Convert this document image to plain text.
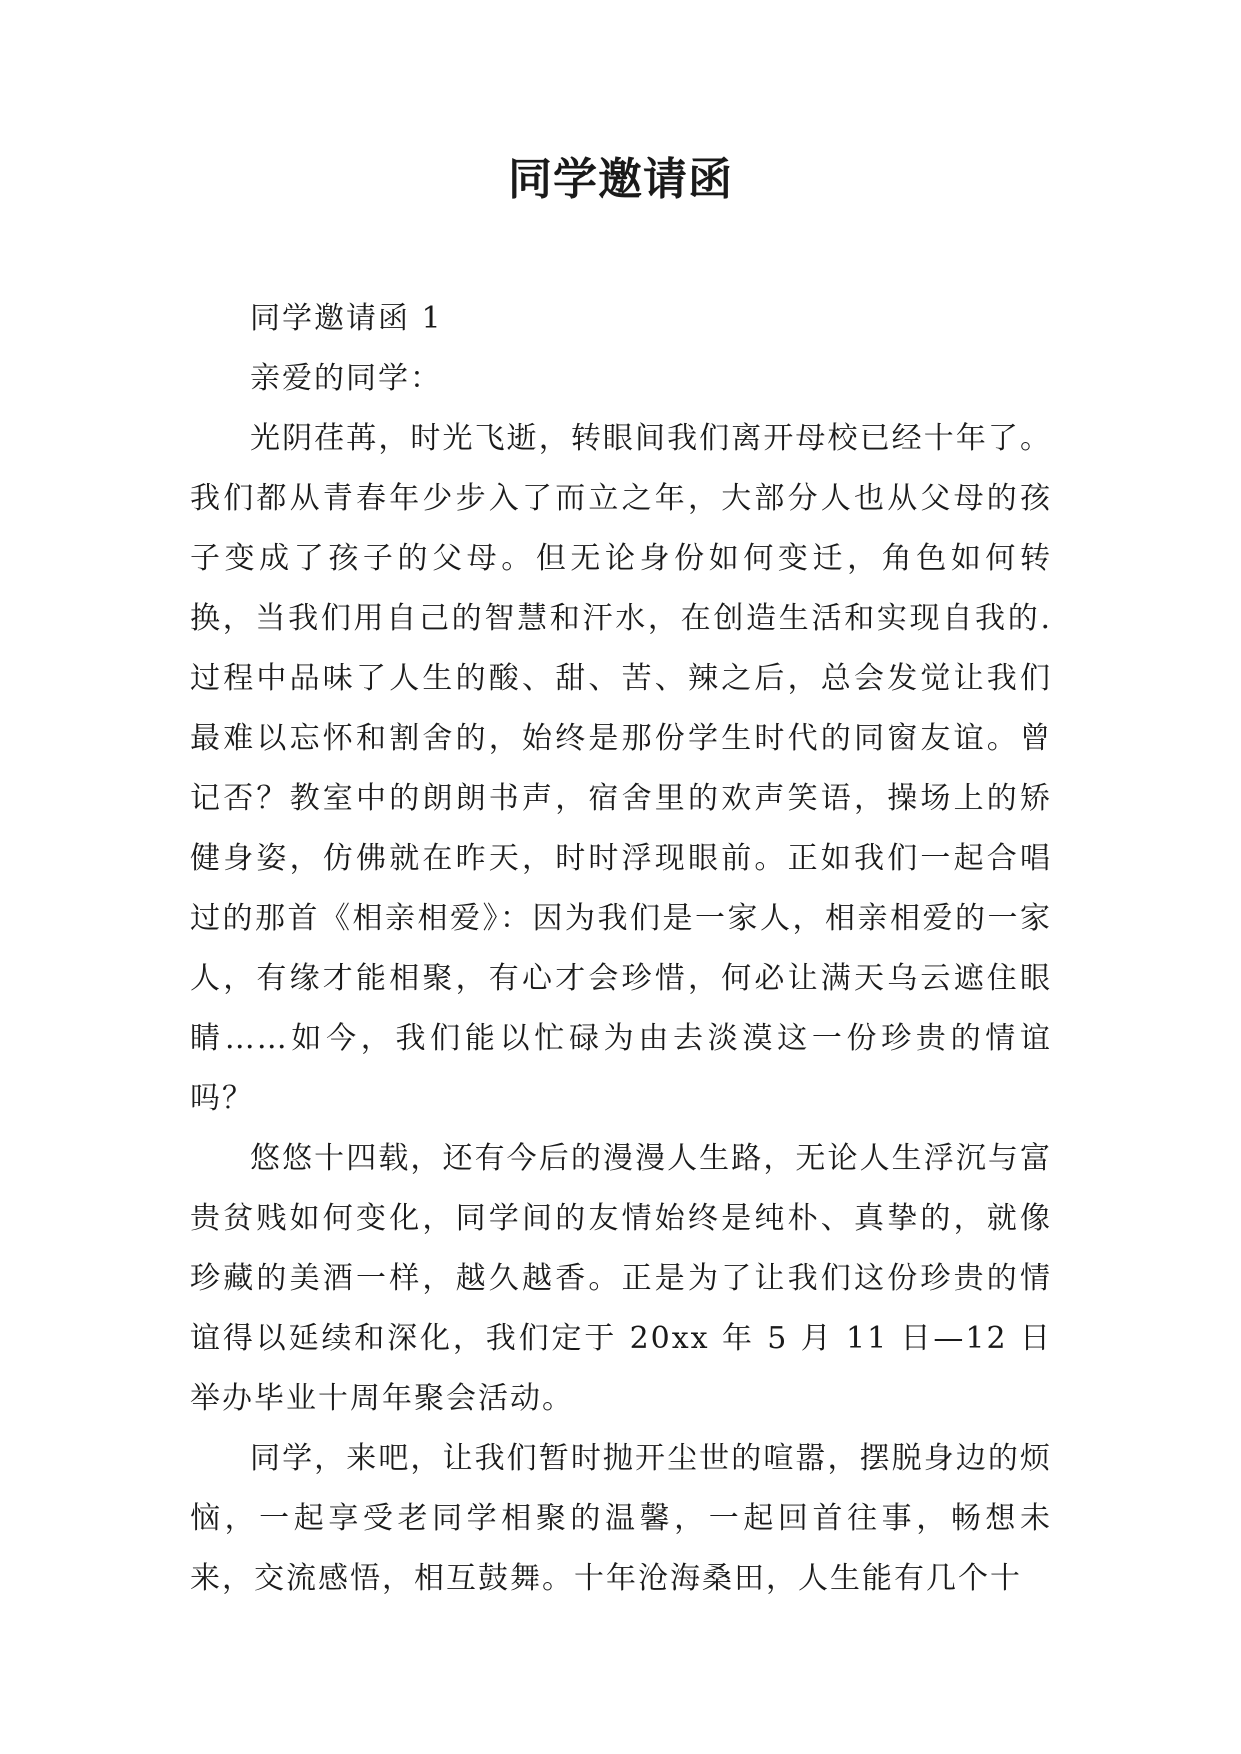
同学邀请函

同学邀请函 1

亲爱的同学：

光阴荏苒，时光飞逝，转眼间我们离开母校已经十年了。我们都从青春年少步入了而立之年，大部分人也从父母的孩子变成了孩子的父母。但无论身份如何变迁，角色如何转换，当我们用自己的智慧和汗水，在创造生活和实现自我的.过程中品味了人生的酸、甜、苦、辣之后，总会发觉让我们最难以忘怀和割舍的，始终是那份学生时代的同窗友谊。曾记否？教室中的朗朗书声，宿舍里的欢声笑语，操场上的矫健身姿，仿佛就在昨天，时时浮现眼前。正如我们一起合唱过的那首《相亲相爱》：因为我们是一家人，相亲相爱的一家人，有缘才能相聚，有心才会珍惜，何必让满天乌云遮住眼睛……如今，我们能以忙碌为由去淡漠这一份珍贵的情谊吗？

悠悠十四载，还有今后的漫漫人生路，无论人生浮沉与富贵贫贱如何变化，同学间的友情始终是纯朴、真挚的，就像珍藏的美酒一样，越久越香。正是为了让我们这份珍贵的情谊得以延续和深化，我们定于 20xx 年 5 月 11 日—12 日举办毕业十周年聚会活动。

同学，来吧，让我们暂时抛开尘世的喧嚣，摆脱身边的烦恼，一起享受老同学相聚的温馨，一起回首往事，畅想未来，交流感悟，相互鼓舞。十年沧海桑田，人生能有几个十
